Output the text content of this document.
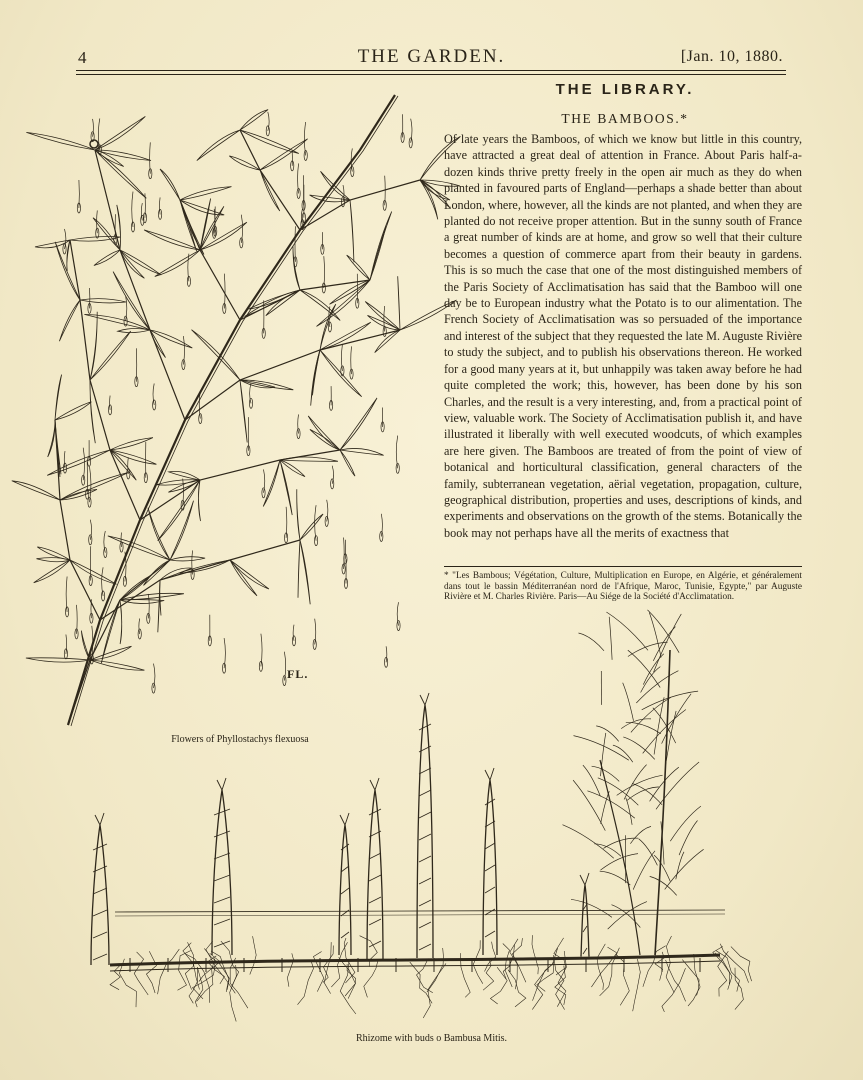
4	THE GARDEN.	[Jan. 10, 1880.
THE LIBRARY.
THE BAMBOOS.*
Of late years the Bamboos, of which we know but little in this country, have attracted a great deal of attention in France. About Paris half-a-dozen kinds thrive pretty freely in the open air much as they do when planted in favoured parts of England—perhaps a shade better than about London, where, however, all the kinds are not planted, and when they are planted do not receive proper attention. But in the sunny south of France a great number of kinds are at home, and grow so well that their culture becomes a question of commerce apart from their beauty in gardens. This is so much the case that one of the most distinguished members of the Paris Society of Acclimatisation has said that the Bamboo will one day be to European industry what the Potato is to our alimentation. The French Society of Acclimatisation was so persuaded of the importance and interest of the subject that they requested the late M. Auguste Rivière to study the subject, and to publish his observations thereon. He worked for a good many years at it, but unhappily was taken away before he had quite completed the work; this, however, has been done by his son Charles, and the result is a very interesting, and, from a practical point of view, valuable work. The Society of Acclimatisation publish it, and have illustrated it liberally with well executed woodcuts, of which examples are here given. The Bamboos are treated of from the point of view of botanical and horticultural classification, general characters of the family, subterranean vegetation, aërial vegetation, propagation, culture, geographical distribution, properties and uses, descriptions of kinds, and experiments and observations on the growth of the stems. Botanically the book may not perhaps have all the merits of exactness that
* "Les Bambous; Végétation, Culture, Multiplication en Europe, en Algérie, et généralement dans tout le bassin Méditerranéan nord de l'Afrique, Maroc, Tunisie, Egypte," par Auguste Rivière et M. Charles Rivière. Paris—Au Siége de la Société d'Acclimatation.
FL.
Flowers of Phyllostachys flexuosa
Rhizome with buds o Bambusa Mitis.
